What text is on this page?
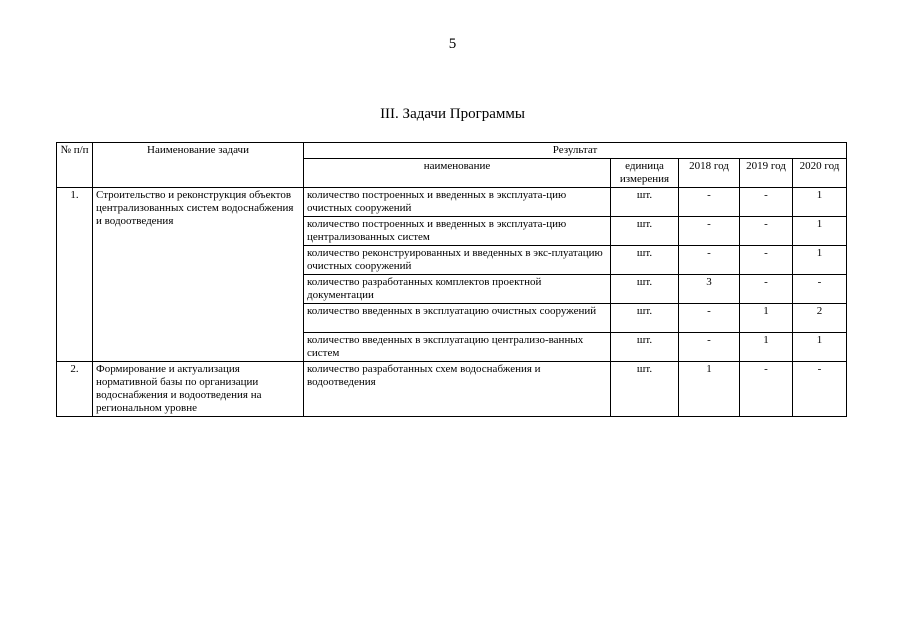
5
III. Задачи Программы
№ п/п	Наименование задачи	Результат				
		наименование	единица измерения	2018 год	2019 год	2020 год
1.	Строительство и реконструкция объектов централизованных систем водоснабжения и водоотведения	количество построенных и введенных в эксплуата-цию очистных сооружений	шт.	-	-	1
		количество построенных и введенных в эксплуата-цию централизованных систем	шт.	-	-	1
		количество реконструированных и введенных в экс-плуатацию очистных сооружений	шт.	-	-	1
		количество разработанных комплектов проектной документации	шт.	3	-	-
		количество введенных в эксплуатацию очистных сооружений	шт.	-	1	2
		количество введенных в эксплуатацию централизо-ванных систем	шт.	-	1	1
2.	Формирование и актуализация нормативной базы по организации водоснабжения и водоотведения на региональном уровне	количество разработанных схем водоснабжения и водоотведения	шт.	1	-	-
